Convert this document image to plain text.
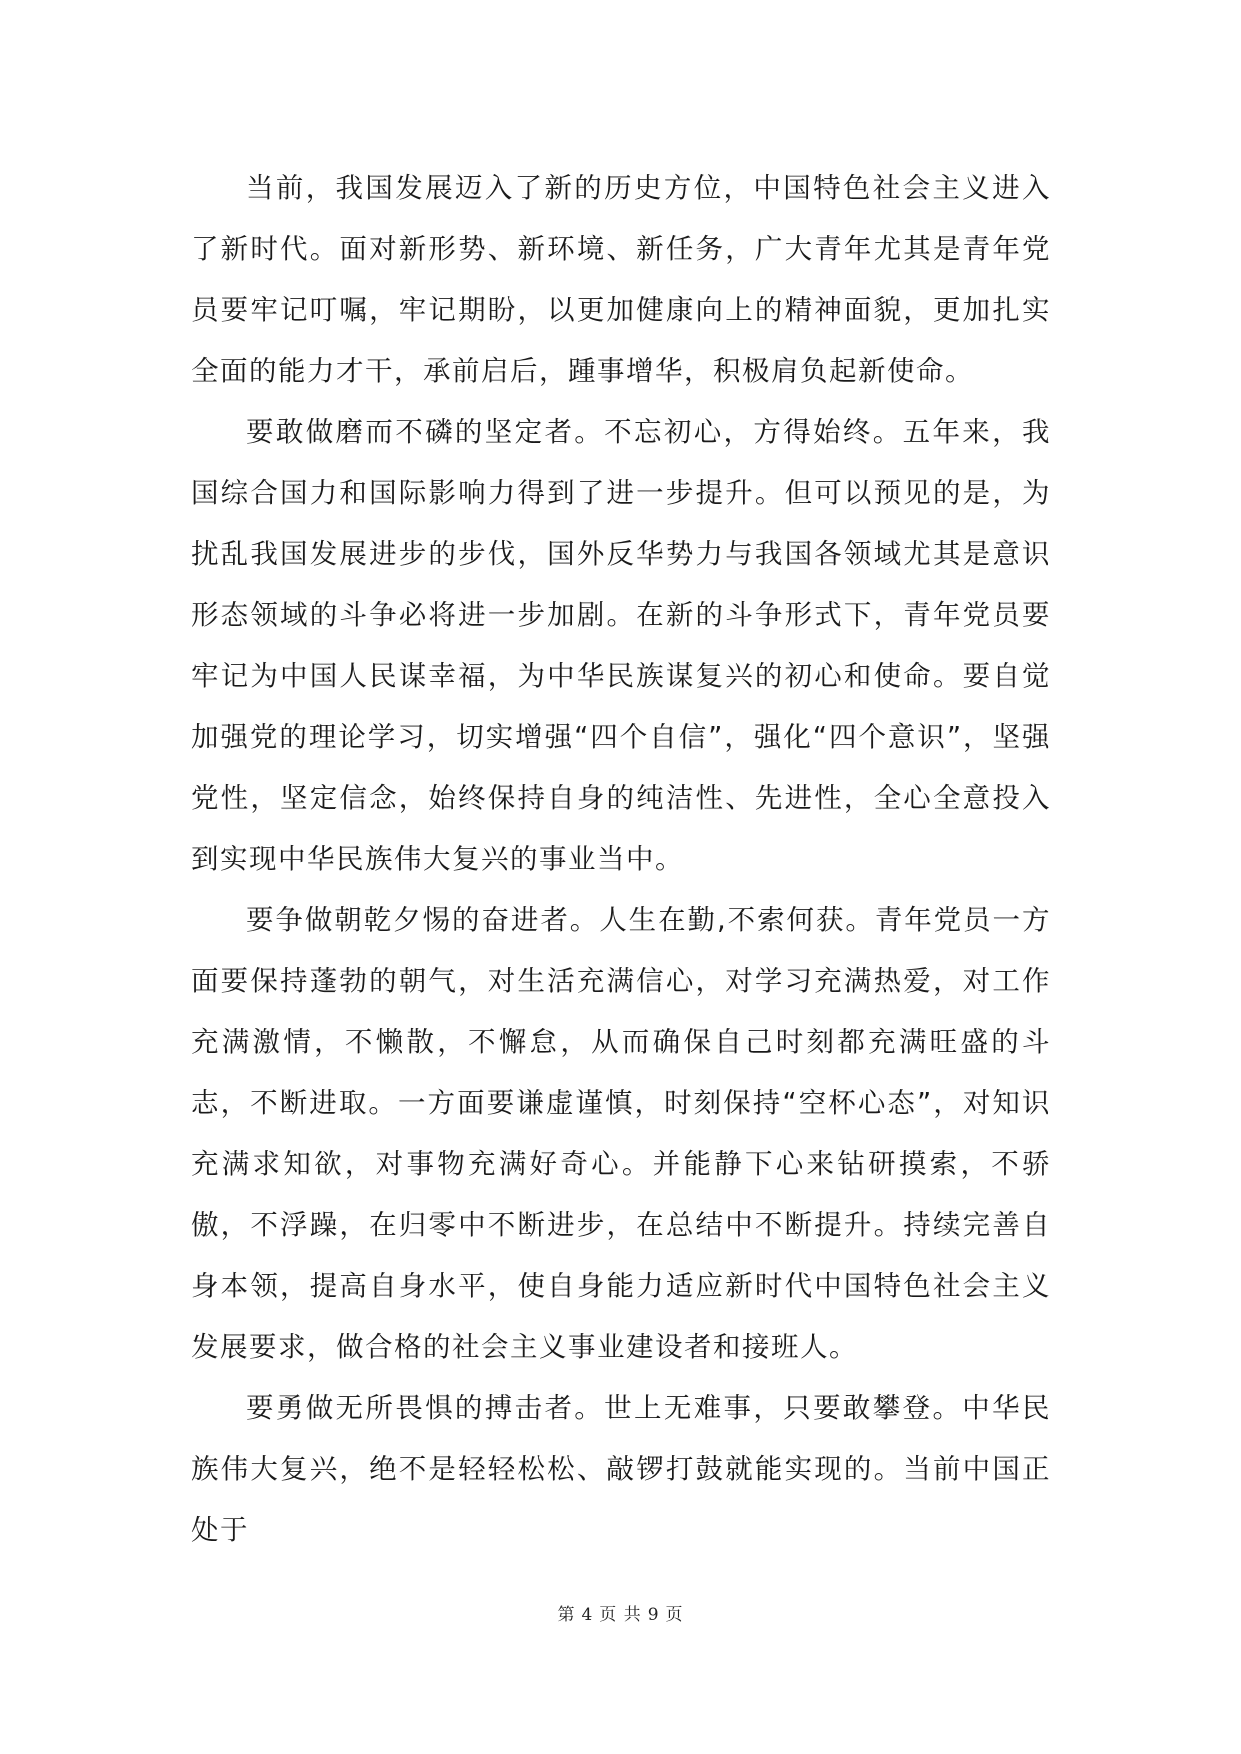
当前，我国发展迈入了新的历史方位，中国特色社会主义进入了新时代。面对新形势、新环境、新任务，广大青年尤其是青年党员要牢记叮嘱，牢记期盼，以更加健康向上的精神面貌，更加扎实全面的能力才干，承前启后，踵事增华，积极肩负起新使命。

要敢做磨而不磷的坚定者。不忘初心，方得始终。五年来，我国综合国力和国际影响力得到了进一步提升。但可以预见的是，为扰乱我国发展进步的步伐，国外反华势力与我国各领域尤其是意识形态领域的斗争必将进一步加剧。在新的斗争形式下，青年党员要牢记为中国人民谋幸福，为中华民族谋复兴的初心和使命。要自觉加强党的理论学习，切实增强“四个自信”，强化“四个意识”，坚强党性，坚定信念，始终保持自身的纯洁性、先进性，全心全意投入到实现中华民族伟大复兴的事业当中。

要争做朝乾夕惕的奋进者。人生在勤,不索何获。青年党员一方面要保持蓬勃的朝气，对生活充满信心，对学习充满热爱，对工作充满激情，不懒散，不懈怠，从而确保自己时刻都充满旺盛的斗志，不断进取。一方面要谦虚谨慎，时刻保持“空杯心态”，对知识充满求知欲，对事物充满好奇心。并能静下心来钻研摸索，不骄傲，不浮躁，在归零中不断进步，在总结中不断提升。持续完善自身本领，提高自身水平，使自身能力适应新时代中国特色社会主义发展要求，做合格的社会主义事业建设者和接班人。

要勇做无所畏惧的搏击者。世上无难事，只要敢攀登。中华民族伟大复兴，绝不是轻轻松松、敲锣打鼓就能实现的。当前中国正处于

第 4 页 共 9 页
